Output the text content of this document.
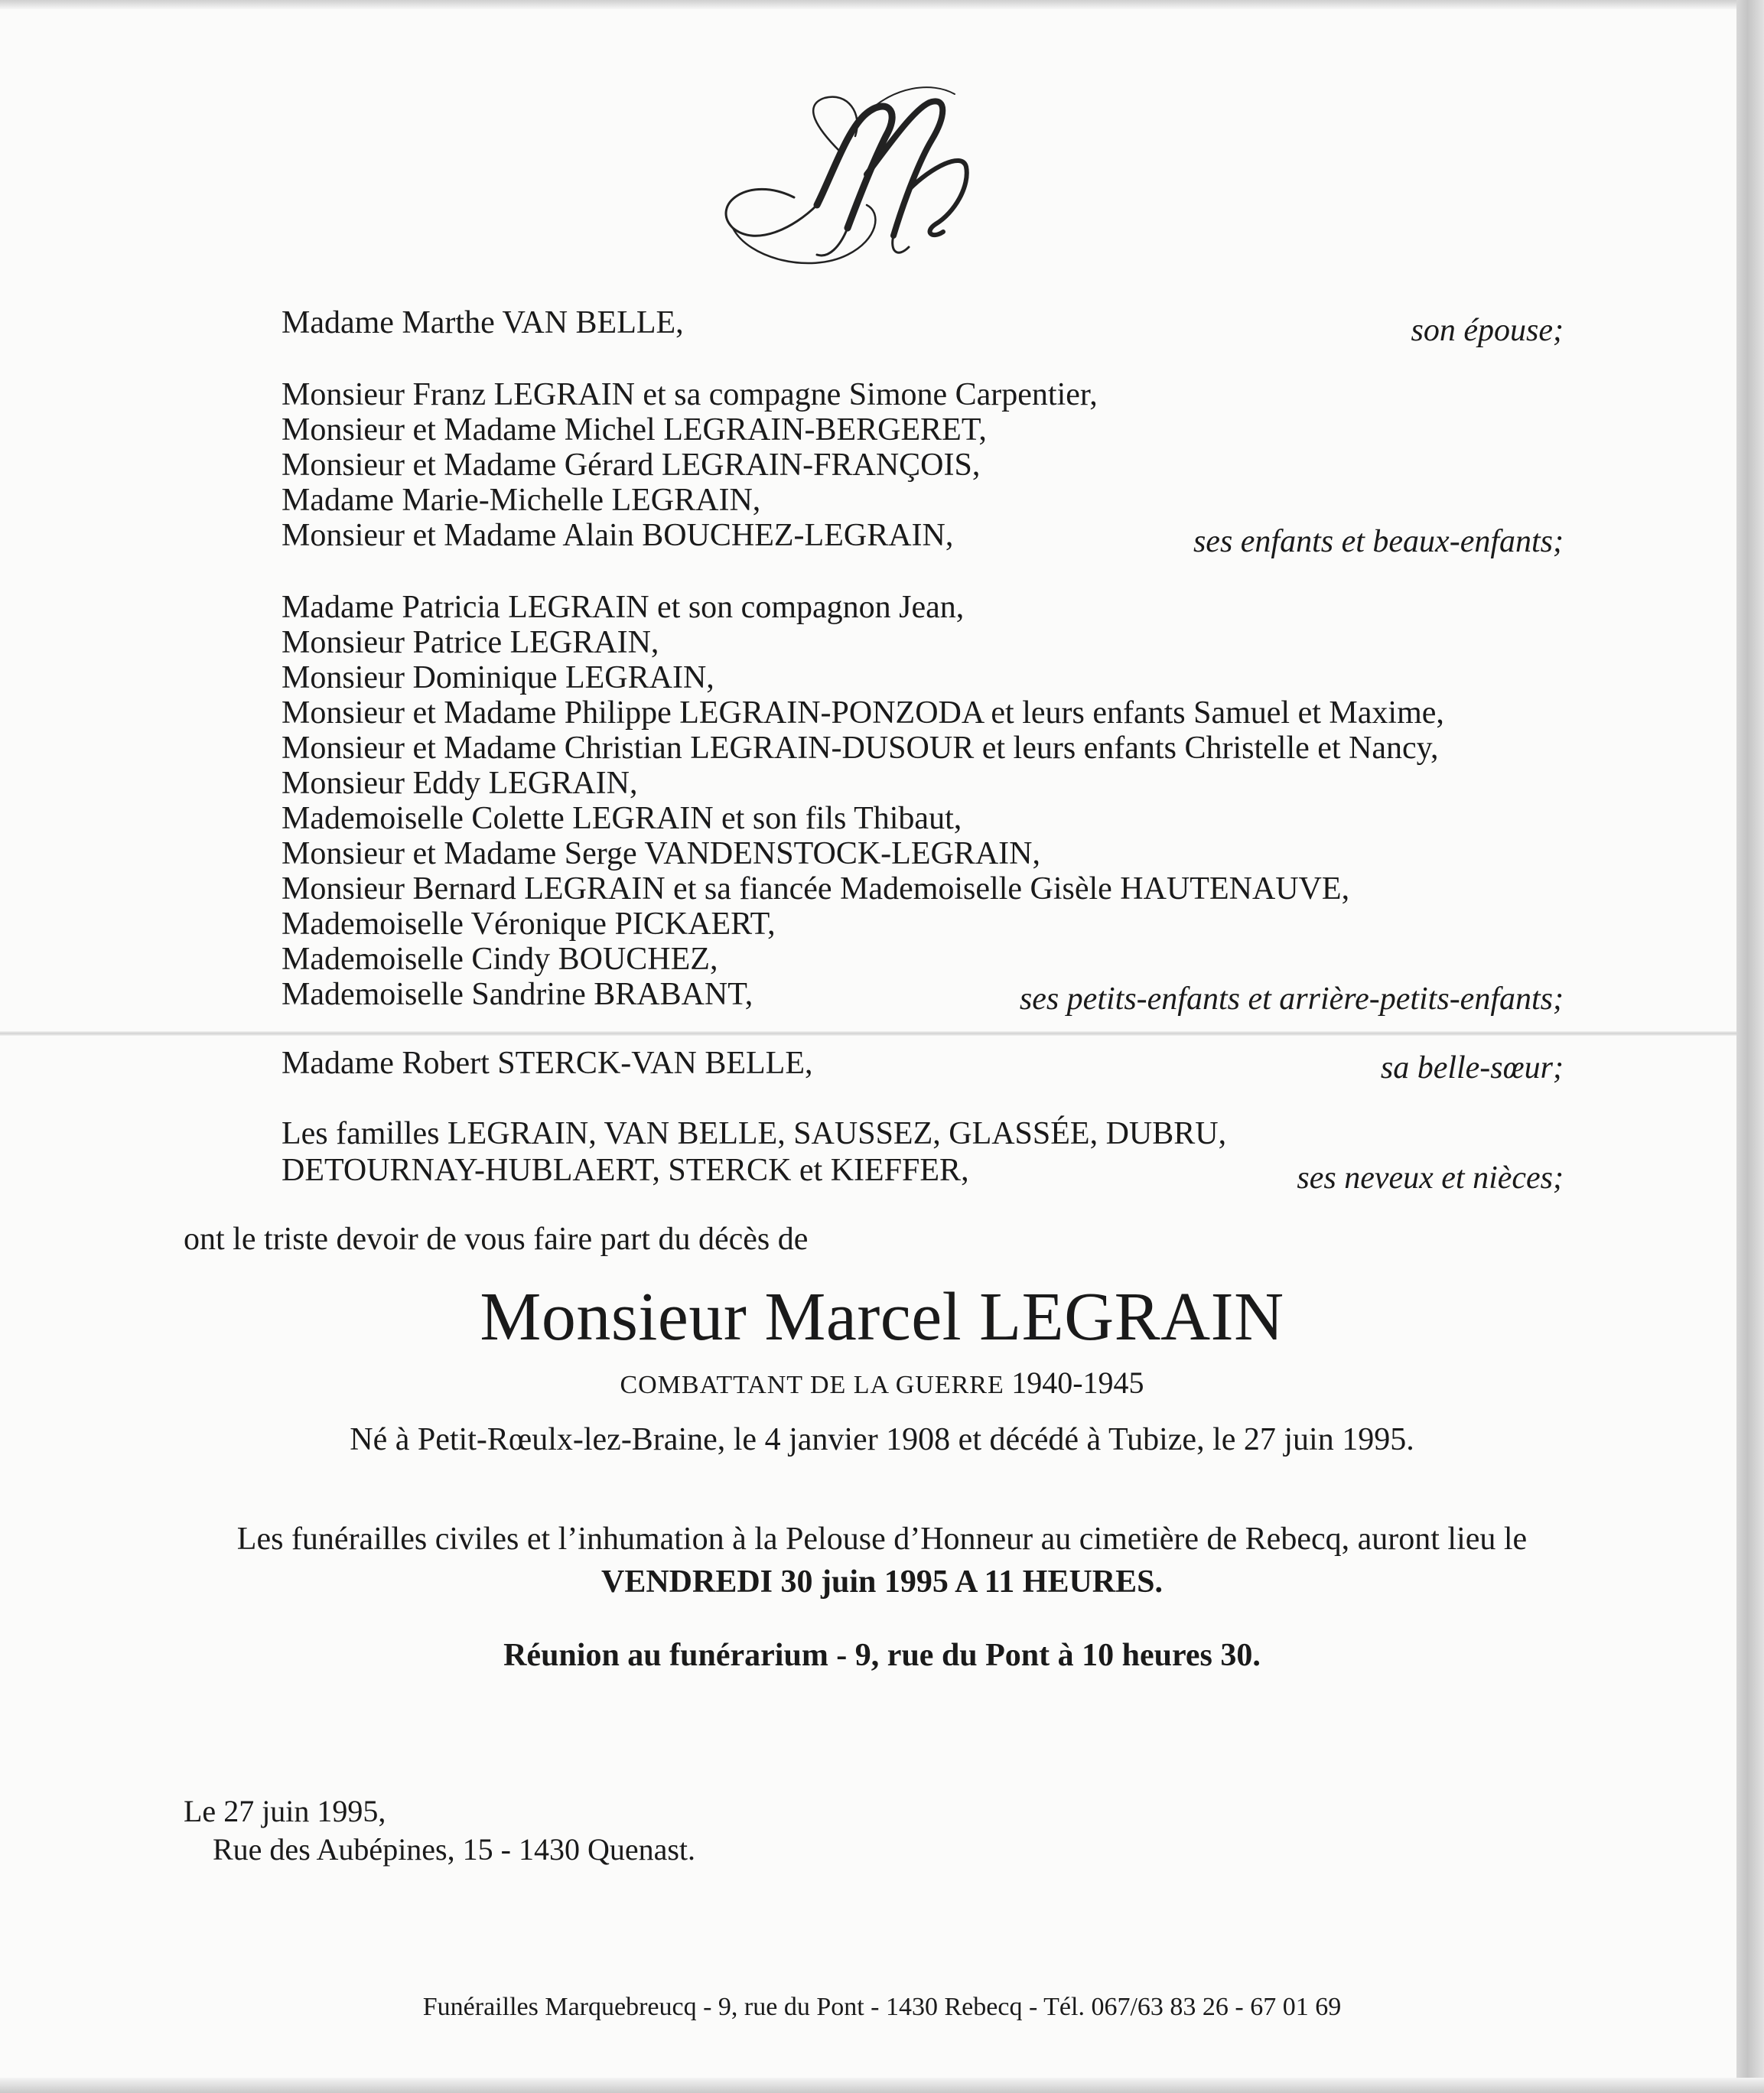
Madame Marthe VAN BELLE,	son épouse;
Monsieur Franz LEGRAIN et sa compagne Simone Carpentier,
Monsieur et Madame Michel LEGRAIN-BERGERET,
Monsieur et Madame Gérard LEGRAIN-FRANÇOIS,
Madame Marie-Michelle LEGRAIN,
Monsieur et Madame Alain BOUCHEZ-LEGRAIN,	ses enfants et beaux-enfants;
Madame Patricia LEGRAIN et son compagnon Jean,
Monsieur Patrice LEGRAIN,
Monsieur Dominique LEGRAIN,
Monsieur et Madame Philippe LEGRAIN-PONZODA et leurs enfants Samuel et Maxime,
Monsieur et Madame Christian LEGRAIN-DUSOUR et leurs enfants Christelle et Nancy,
Monsieur Eddy LEGRAIN,
Mademoiselle Colette LEGRAIN et son fils Thibaut,
Monsieur et Madame Serge VANDENSTOCK-LEGRAIN,
Monsieur Bernard LEGRAIN et sa fiancée Mademoiselle Gisèle HAUTENAUVE,
Mademoiselle Véronique PICKAERT,
Mademoiselle Cindy BOUCHEZ,
Mademoiselle Sandrine BRABANT,	ses petits-enfants et arrière-petits-enfants;
Madame Robert STERCK-VAN BELLE,	sa belle-sœur;
Les familles LEGRAIN, VAN BELLE, SAUSSEZ, GLASSÉE, DUBRU,
DETOURNAY-HUBLAERT, STERCK et KIEFFER,	ses neveux et nièces;
ont le triste devoir de vous faire part du décès de
Monsieur Marcel LEGRAIN
COMBATTANT DE LA GUERRE 1940-1945
Né à Petit-Rœulx-lez-Braine, le 4 janvier 1908 et décédé à Tubize, le 27 juin 1995.
Les funérailles civiles et l’inhumation à la Pelouse d’Honneur au cimetière de Rebecq, auront lieu le
VENDREDI 30 juin 1995 A 11 HEURES.
Réunion au funérarium - 9, rue du Pont à 10 heures 30.
Le 27 juin 1995,
Rue des Aubépines, 15 - 1430 Quenast.
Funérailles Marquebreucq - 9, rue du Pont - 1430 Rebecq - Tél. 067/63 83 26 - 67 01 69
